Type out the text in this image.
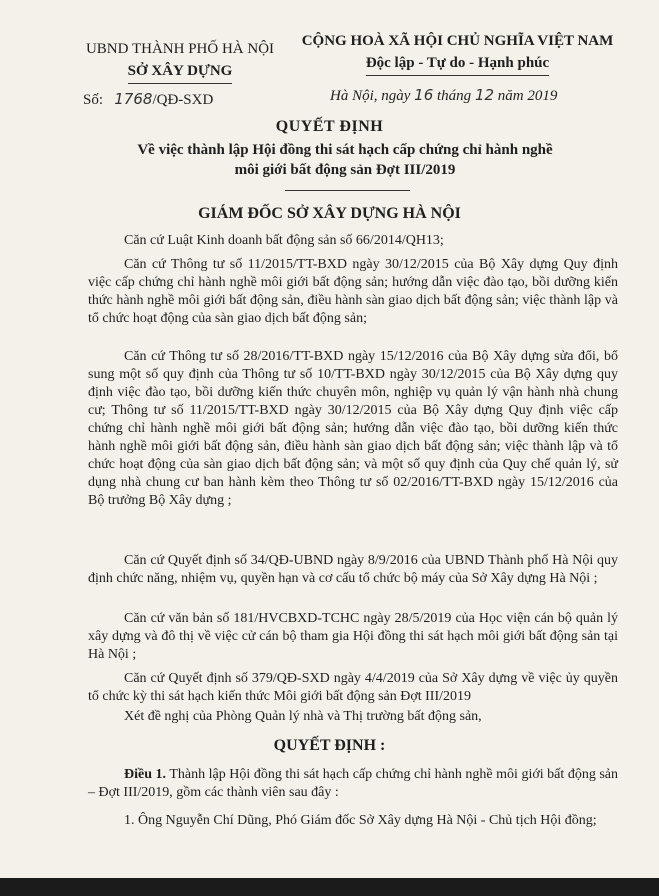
UBND THÀNH PHỐ HÀ NỘI
SỞ XÂY DỰNG
CỘNG HOÀ XÃ HỘI CHỦ NGHĨA VIỆT NAM
Độc lập - Tự do - Hạnh phúc
Số: 1768/QĐ-SXD	Hà Nội, ngày 16 tháng 12 năm 2019
QUYẾT ĐỊNH
Về việc thành lập Hội đồng thi sát hạch cấp chứng chỉ hành nghề môi giới bất động sản Đợt III/2019
GIÁM ĐỐC SỞ XÂY DỰNG HÀ NỘI
Căn cứ Luật Kinh doanh bất động sản số 66/2014/QH13;
Căn cứ Thông tư số 11/2015/TT-BXD ngày 30/12/2015 của Bộ Xây dựng Quy định việc cấp chứng chỉ hành nghề môi giới bất động sản; hướng dẫn việc đào tạo, bồi dưỡng kiến thức hành nghề môi giới bất động sản, điều hành sàn giao dịch bất động sản; việc thành lập và tổ chức hoạt động của sàn giao dịch bất động sản;
Căn cứ Thông tư số 28/2016/TT-BXD ngày 15/12/2016 của Bộ Xây dựng sửa đổi, bổ sung một số quy định của Thông tư số 10/TT-BXD ngày 30/12/2015 của Bộ Xây dựng quy định việc đào tạo, bồi dưỡng kiến thức chuyên môn, nghiệp vụ quản lý vận hành nhà chung cư; Thông tư số 11/2015/TT-BXD ngày 30/12/2015 của Bộ Xây dựng Quy định việc cấp chứng chỉ hành nghề môi giới bất động sản; hướng dẫn việc đào tạo, bồi dưỡng kiến thức hành nghề môi giới bất động sản, điều hành sàn giao dịch bất động sản; việc thành lập và tổ chức hoạt động của sàn giao dịch bất động sản; và một số quy định của Quy chế quản lý, sử dụng nhà chung cư ban hành kèm theo Thông tư số 02/2016/TT-BXD ngày 15/12/2016 của Bộ trưởng Bộ Xây dựng ;
Căn cứ Quyết định số 34/QĐ-UBND ngày 8/9/2016 của UBND Thành phố Hà Nội quy định chức năng, nhiệm vụ, quyền hạn và cơ cấu tổ chức bộ máy của Sở Xây dựng Hà Nội ;
Căn cứ văn bản số 181/HVCBXD-TCHC ngày 28/5/2019 của Học viện cán bộ quản lý xây dựng và đô thị về việc cử cán bộ tham gia Hội đồng thi sát hạch môi giới bất động sản tại Hà Nội ;
Căn cứ Quyết định số 379/QĐ-SXD ngày 4/4/2019 của Sở Xây dựng về việc ủy quyền tổ chức kỳ thi sát hạch kiến thức Môi giới bất động sản Đợt III/2019
Xét đề nghị của Phòng Quản lý nhà và Thị trường bất động sản,
QUYẾT ĐỊNH :
Điều 1. Thành lập Hội đồng thi sát hạch cấp chứng chỉ hành nghề môi giới bất động sản – Đợt III/2019, gồm các thành viên sau đây :
1. Ông Nguyễn Chí Dũng, Phó Giám đốc Sở Xây dựng Hà Nội - Chủ tịch Hội đồng;
